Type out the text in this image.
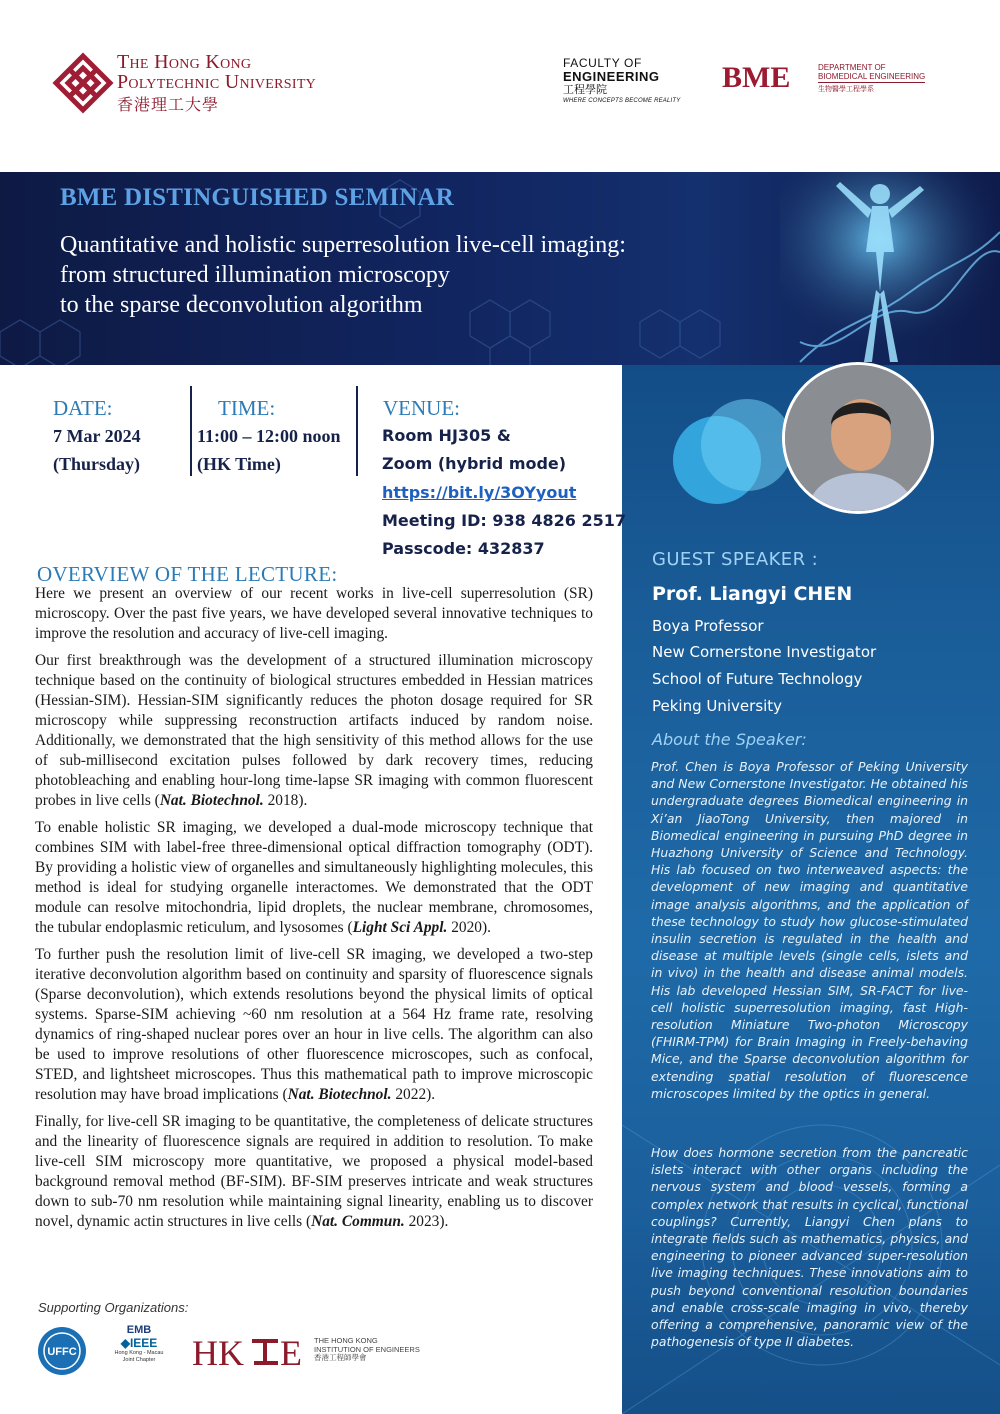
The Hong Kong
Polytechnic University
香港理工大學
FACULTY OF
ENGINEERING
工程學院
WHERE CONCEPTS BECOME REALITY
BME	DEPARTMENT OF
BIOMEDICAL ENGINEERING
生物醫學工程學系
BME DISTINGUISHED SEMINAR
Quantitative and holistic superresolution live-cell imaging:
from structured illumination microscopy
to the sparse deconvolution algorithm
GUEST SPEAKER :
Prof. Liangyi CHEN
Boya Professor
New Cornerstone Investigator
School of Future Technology
Peking University
About the Speaker:
Prof. Chen is Boya Professor of Peking University and New Cornerstone Investigator. He obtained his undergraduate degrees Biomedical engineering in Xi’an JiaoTong University, then majored in Biomedical engineering in pursuing PhD degree in Huazhong University of Science and Technology. His lab focused on two interweaved aspects: the development of new imaging and quantitative image analysis algorithms, and the application of these technology to study how glucose-stimulated insulin secretion is regulated in the health and disease at multiple levels (single cells, islets and in vivo) in the health and disease animal models. His lab developed Hessian SIM, SR-FACT for live-cell holistic superresolution imaging, fast High-resolution Miniature Two-photon Microscopy (FHIRM-TPM) for Brain Imaging in Freely-behaving Mice, and the Sparse deconvolution algorithm for extending spatial resolution of fluorescence microscopes limited by the optics in general.
How does hormone secretion from the pancreatic islets interact with other organs including the nervous system and blood vessels, forming a complex network that results in cyclical, functional couplings? Currently, Liangyi Chen plans to integrate fields such as mathematics, physics, and engineering to pioneer advanced super-resolution live imaging techniques. These innovations aim to push beyond conventional resolution boundaries and enable cross-scale imaging in vivo, thereby offering a comprehensive, panoramic view of the pathogenesis of type II diabetes.
DATE:
7 Mar 2024
(Thursday)
TIME:
11:00 – 12:00 noon
(HK Time)
VENUE:
Room HJ305 &
Zoom (hybrid mode)
https://bit.ly/3OYyout
Meeting ID: 938 4826 2517
Passcode: 432837
OVERVIEW OF THE LECTURE:

Here we present an overview of our recent works in live-cell superresolution (SR) microscopy. Over the past five years, we have developed several innovative techniques to improve the resolution and accuracy of live-cell imaging.

Our first breakthrough was the development of a structured illumination microscopy technique based on the continuity of biological structures embedded in Hessian matrices (Hessian-SIM). Hessian-SIM significantly reduces the photon dosage required for SR microscopy while suppressing reconstruction artifacts induced by random noise. Additionally, we demonstrated that the high sensitivity of this method allows for the use of sub-millisecond excitation pulses followed by dark recovery times, reducing photobleaching and enabling hour-long time-lapse SR imaging with common fluorescent probes in live cells (Nat. Biotechnol. 2018).

To enable holistic SR imaging, we developed a dual-mode microscopy technique that combines SIM with label-free three-dimensional optical diffraction tomography (ODT). By providing a holistic view of organelles and simultaneously highlighting molecules, this method is ideal for studying organelle interactomes. We demonstrated that the ODT module can resolve mitochondria, lipid droplets, the nuclear membrane, chromosomes, the tubular endoplasmic reticulum, and lysosomes (Light Sci Appl. 2020).

To further push the resolution limit of live-cell SR imaging, we developed a two-step iterative deconvolution algorithm based on continuity and sparsity of fluorescence signals (Sparse deconvolution), which extends resolutions beyond the physical limits of optical systems. Sparse-SIM achieving ~60 nm resolution at a 564 Hz frame rate, resolving dynamics of ring-shaped nuclear pores over an hour in live cells. The algorithm can also be used to improve resolutions of other fluorescence microscopes, such as confocal, STED, and lightsheet microscopes. Thus this mathematical path to improve microscopic resolution may have broad implications (Nat. Biotechnol. 2022).

Finally, for live-cell SR imaging to be quantitative, the completeness of delicate structures and the linearity of fluorescence signals are required in addition to resolution. To make live-cell SIM microscopy more quantitative, we proposed a physical model-based background removal method (BF-SIM). BF-SIM preserves intricate and weak structures down to sub-70 nm resolution while maintaining signal linearity, enabling us to discover novel, dynamic actin structures in live cells (Nat. Commun. 2023).

Supporting Organizations:
UFFC
EMB
◆IEEE
Hong Kong - Macau Joint Chapter	HK E THE HONG KONG
INSTITUTION OF ENGINEERS
香港工程師學會
